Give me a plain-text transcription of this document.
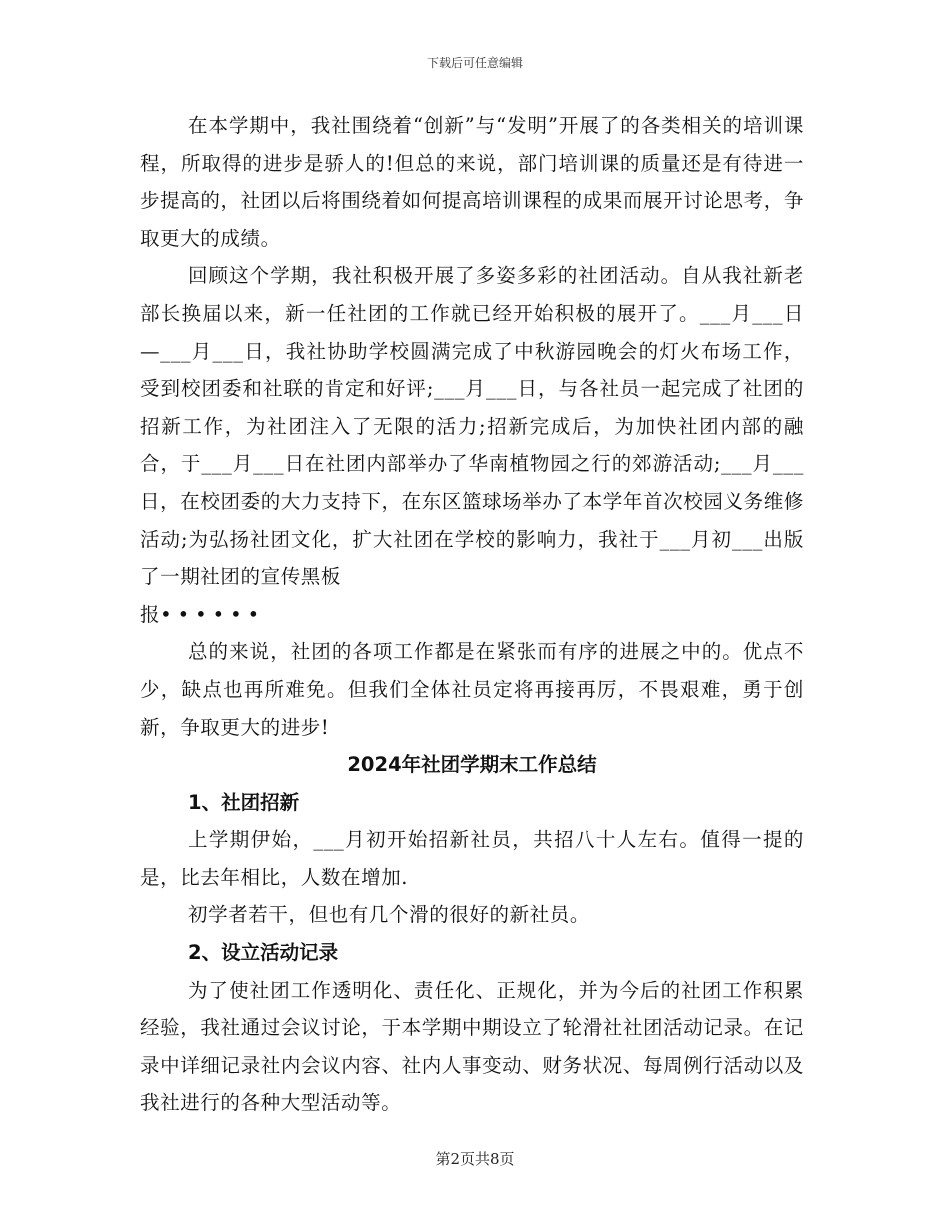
下载后可任意编辑

在本学期中，我社围绕着“创新”与“发明”开展了的各类相关的培训课程，所取得的进步是骄人的!但总的来说，部门培训课的质量还是有待进一步提高的，社团以后将围绕着如何提高培训课程的成果而展开讨论思考，争取更大的成绩。

回顾这个学期，我社积极开展了多姿多彩的社团活动。自从我社新老部长换届以来，新一任社团的工作就已经开始积极的展开了。___月___日—___月___日，我社协助学校圆满完成了中秋游园晚会的灯火布场工作，受到校团委和社联的肯定和好评;___月___日，与各社员一起完成了社团的招新工作，为社团注入了无限的活力;招新完成后，为加快社团内部的融合，于___月___日在社团内部举办了华南植物园之行的郊游活动;___月___日，在校团委的大力支持下，在东区篮球场举办了本学年首次校园义务维修活动;为弘扬社团文化，扩大社团在学校的影响力，我社于___月初___出版了一期社团的宣传黑板
报••••••

总的来说，社团的各项工作都是在紧张而有序的进展之中的。优点不少，缺点也再所难免。但我们全体社员定将再接再厉，不畏艰难，勇于创新，争取更大的进步!

2024年社团学期末工作总结

1、社团招新

上学期伊始，___月初开始招新社员，共招八十人左右。值得一提的是，比去年相比，人数在增加.

初学者若干，但也有几个滑的很好的新社员。

2、设立活动记录

为了使社团工作透明化、责任化、正规化，并为今后的社团工作积累经验，我社通过会议讨论，于本学期中期设立了轮滑社社团活动记录。在记录中详细记录社内会议内容、社内人事变动、财务状况、每周例行活动以及我社进行的各种大型活动等。

第2页共8页
